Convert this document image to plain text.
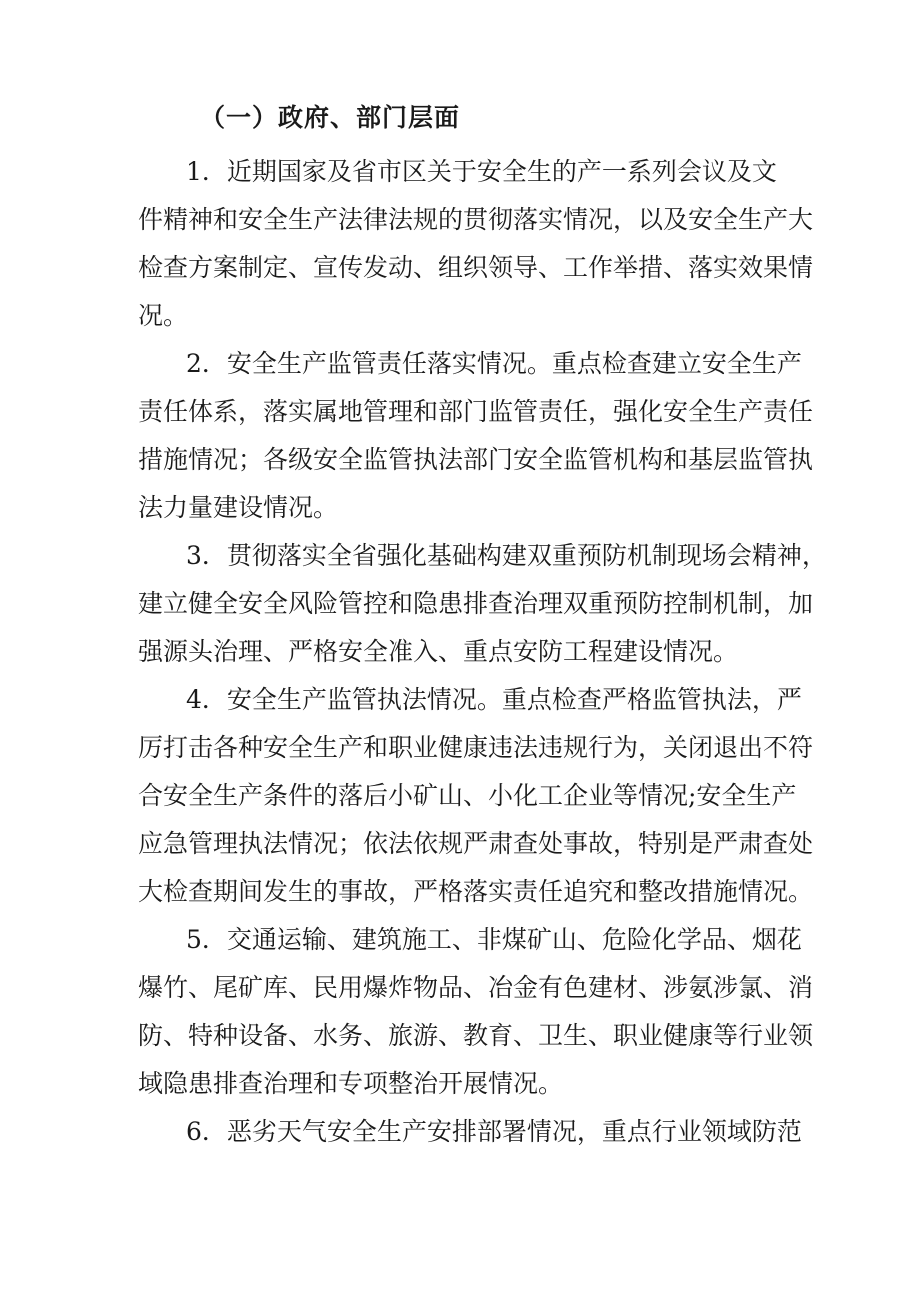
（一）政府、部门层面
1．近期国家及省市区关于安全生的产一系列会议及文
件精神和安全生产法律法规的贯彻落实情况，以及安全生产大
检查方案制定、宣传发动、组织领导、工作举措、落实效果情
况。
2．安全生产监管责任落实情况。重点检查建立安全生产
责任体系，落实属地管理和部门监管责任，强化安全生产责任
措施情况；各级安全监管执法部门安全监管机构和基层监管执
法力量建设情况。
3．贯彻落实全省强化基础构建双重预防机制现场会精神，
建立健全安全风险管控和隐患排查治理双重预防控制机制，加
强源头治理、严格安全准入、重点安防工程建设情况。
4．安全生产监管执法情况。重点检查严格监管执法，严
厉打击各种安全生产和职业健康违法违规行为，关闭退出不符
合安全生产条件的落后小矿山、小化工企业等情况;安全生产
应急管理执法情况；依法依规严肃查处事故，特别是严肃查处
大检查期间发生的事故，严格落实责任追究和整改措施情况。
5．交通运输、建筑施工、非煤矿山、危险化学品、烟花
爆竹、尾矿库、民用爆炸物品、冶金有色建材、涉氨涉氯、消
防、特种设备、水务、旅游、教育、卫生、职业健康等行业领
域隐患排查治理和专项整治开展情况。
6．恶劣天气安全生产安排部署情况，重点行业领域防范
